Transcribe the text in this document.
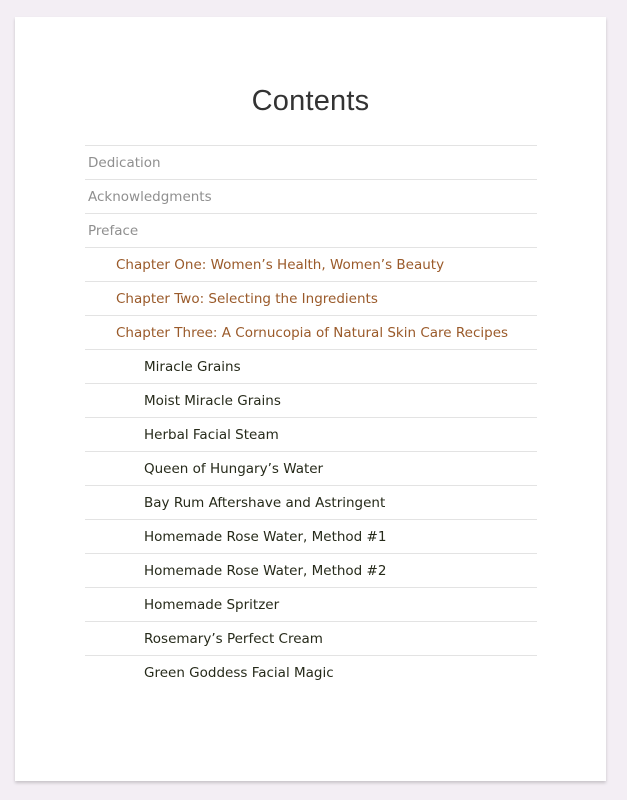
Contents
Dedication
Acknowledgments
Preface
Chapter One: Women’s Health, Women’s Beauty
Chapter Two: Selecting the Ingredients
Chapter Three: A Cornucopia of Natural Skin Care Recipes
Miracle Grains
Moist Miracle Grains
Herbal Facial Steam
Queen of Hungary’s Water
Bay Rum Aftershave and Astringent
Homemade Rose Water, Method #1
Homemade Rose Water, Method #2
Homemade Spritzer
Rosemary’s Perfect Cream
Green Goddess Facial Magic
